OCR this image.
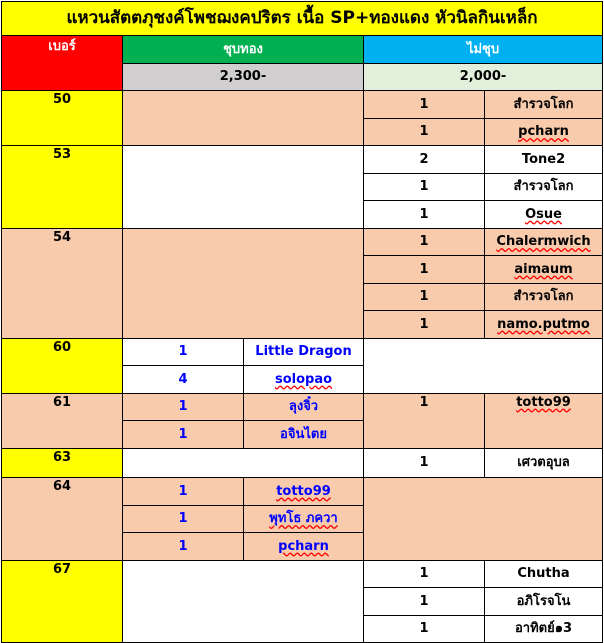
แหวนสัตตภุชงค์โพชฌงคปริตร เนื้อ SP+ทองแดง หัวนิลกินเหล็ก				
เบอร์	ชุบทอง		ไม่ชุบ	
	2,300-		2,000-	
50			1	สำรวจโลก
			1	pcharn
53			2	Tone2
			1	สำรวจโลก
			1	Osue
54			1	Chalermwich
			1	aimaum
			1	สำรวจโลก
			1	namo.putmo
60	1	Little Dragon		
	4	solopao		
61	1	ลุงจิ๋ว	1	totto99
	1	อจินไตย		
63			1	เศวตอุบล
64	1	totto99		
	1	พุทโธ ภควา		
	1	pcharn		
67			1	Chutha
			1	อภิโรจโน
			1	อาทิตย์๑3
